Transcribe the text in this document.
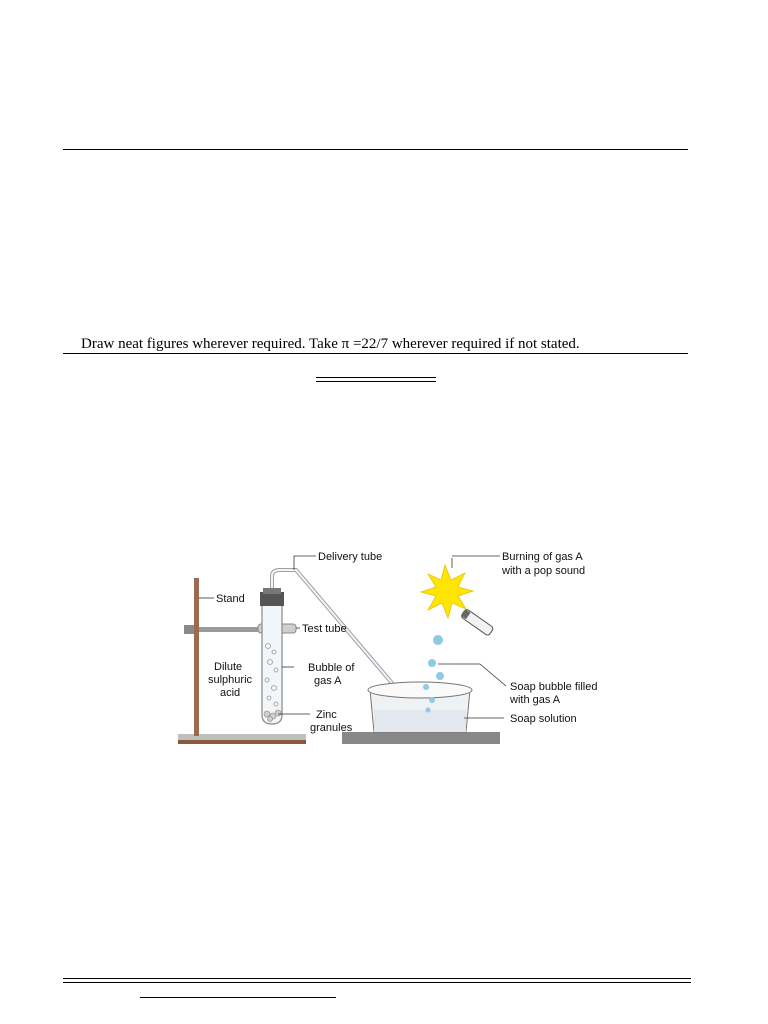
Draw neat figures wherever required. Take π =22/7 wherever required if not stated.
Delivery tube	Burning of gas A
with a pop sound
Stand
Test tube
Dilute
sulphuric
acid
Bubble of
gas A	Soap bubble filled
with gas A
Soap solution
Zinc
granules
